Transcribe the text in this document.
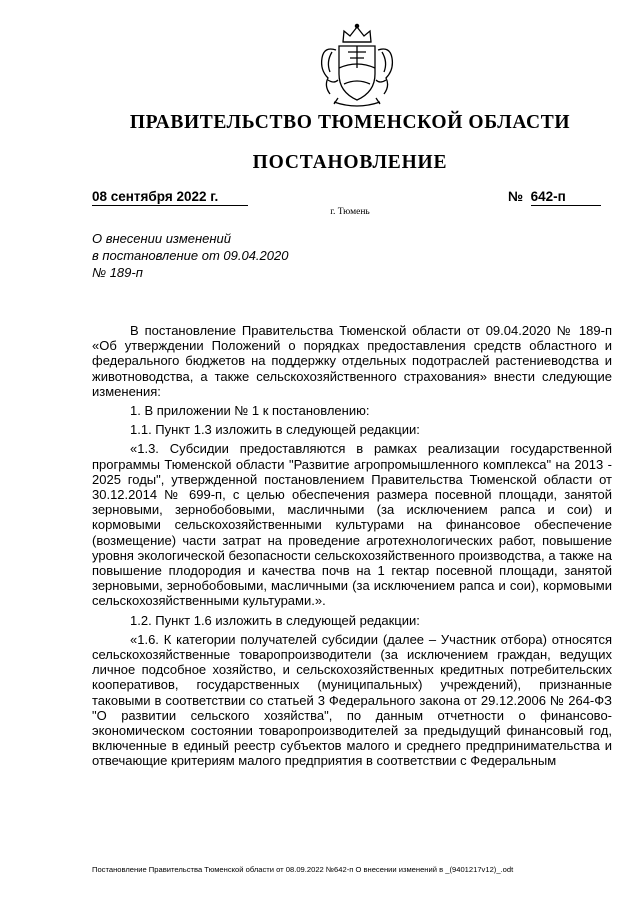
ПРАВИТЕЛЬСТВО ТЮМЕНСКОЙ ОБЛАСТИ
ПОСТАНОВЛЕНИЕ
08 сентября 2022 г.	№ 642-п
г. Тюмень
О внесении изменений
в постановление от 09.04.2020
№ 189-п

В постановление Правительства Тюменской области от 09.04.2020 № 189-п «Об утверждении Положений о порядках предоставления средств областного и федерального бюджетов на поддержку отдельных подотраслей растениеводства и животноводства, а также сельскохозяйственного страхования» внести следующие изменения:

1. В приложении № 1 к постановлению:

1.1. Пункт 1.3 изложить в следующей редакции:

«1.3. Субсидии предоставляются в рамках реализации государственной программы Тюменской области "Развитие агропромышленного комплекса" на 2013 - 2025 годы", утвержденной постановлением Правительства Тюменской области от 30.12.2014 № 699-п, с целью обеспечения размера посевной площади, занятой зерновыми, зернобобовыми, масличными (за исключением рапса и сои) и кормовыми сельскохозяйственными культурами на финансовое обеспечение (возмещение) части затрат на проведение агротехнологических работ, повышение уровня экологической безопасности сельскохозяйственного производства, а также на повышение плодородия и качества почв на 1 гектар посевной площади, занятой зерновыми, зернобобовыми, масличными (за исключением рапса и сои), кормовыми сельскохозяйственными культурами.».

1.2. Пункт 1.6 изложить в следующей редакции:

«1.6. К категории получателей субсидии (далее – Участник отбора) относятся сельскохозяйственные товаропроизводители (за исключением граждан, ведущих личное подсобное хозяйство, и сельскохозяйственных кредитных потребительских кооперативов, государственных (муниципальных) учреждений), признанные таковыми в соответствии со статьей 3 Федерального закона от 29.12.2006 № 264-ФЗ "О развитии сельского хозяйства", по данным отчетности о финансово-экономическом состоянии товаропроизводителей за предыдущий финансовый год, включенные в единый реестр субъектов малого и среднего предпринимательства и отвечающие критериям малого предприятия в соответствии с Федеральным

Постановление Правительства Тюменской области от 08.09.2022 №642-п О внесении изменений в _(9401217v12)_.odt
